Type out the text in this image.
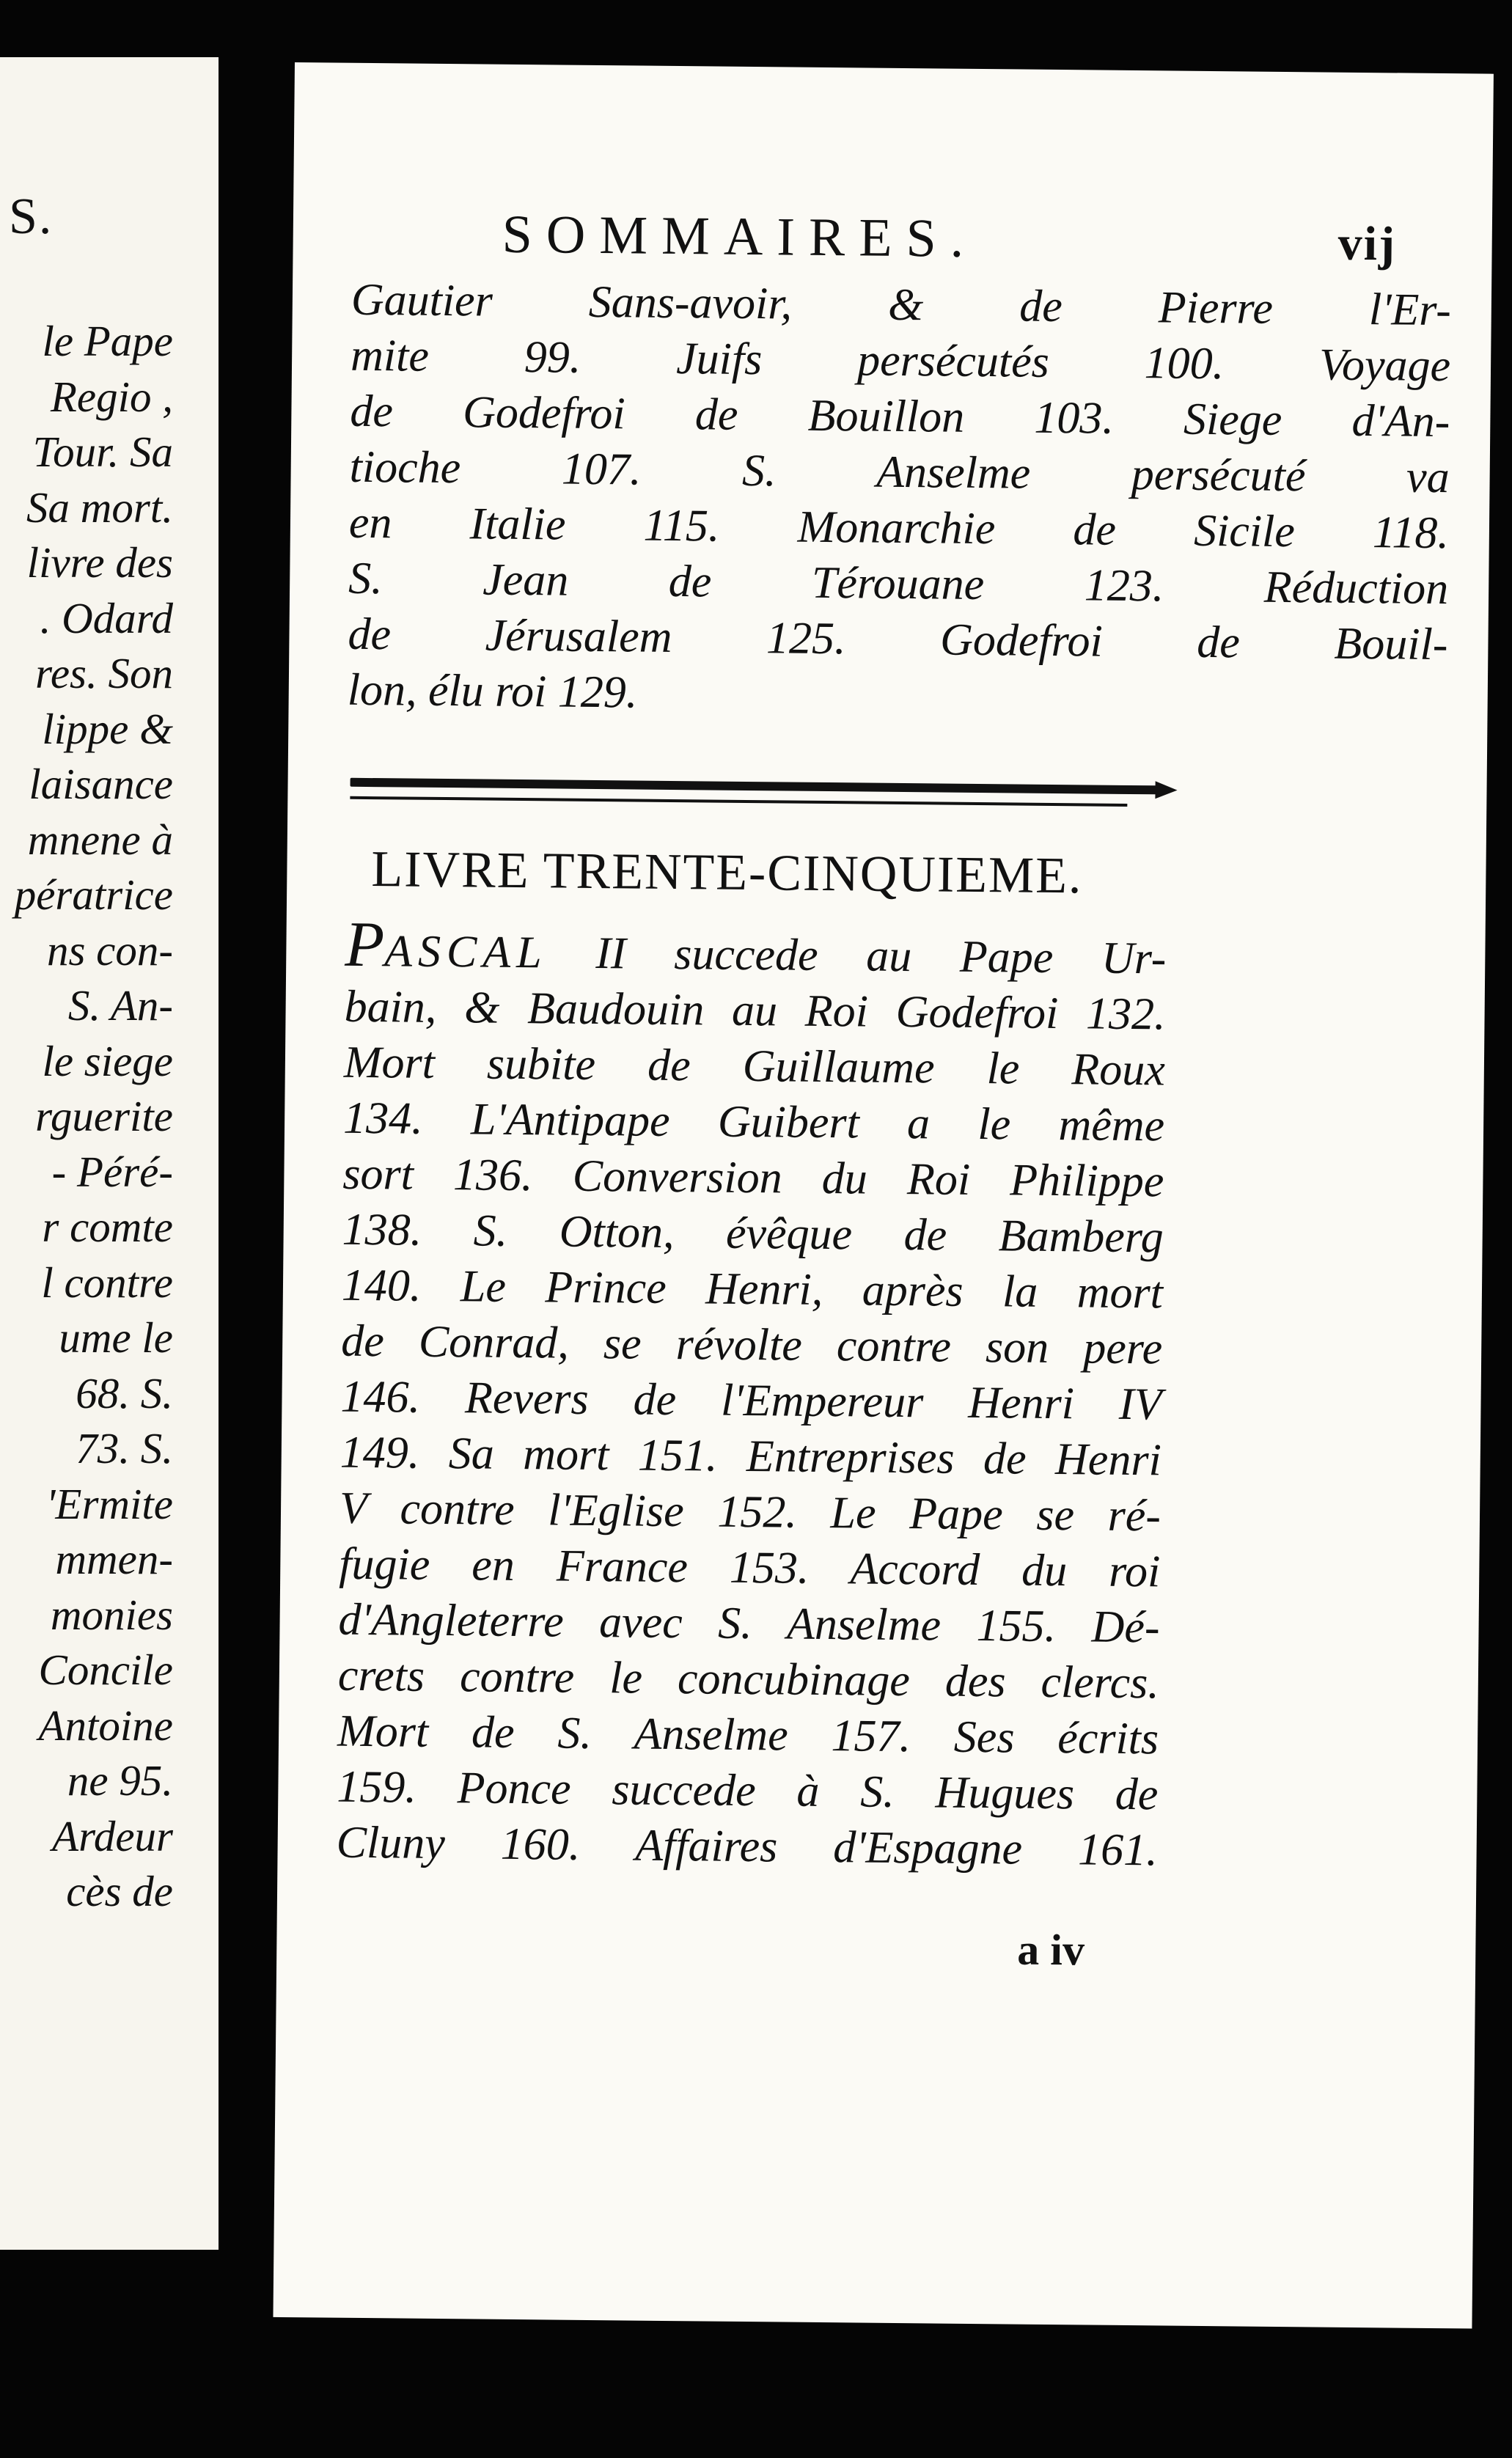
S.
le Pape
Regio ,
Tour. Sa
Sa mort.
livre des
. Odard
res. Son
lippe &
laisance
mnene à
pératrice
ns con-
S. An-
le siege
rguerite
- Péré-
r comte
l contre
ume le
68. S.
73. S.
'Ermite
mmen-
monies
Concile
Antoine
ne 95.
Ardeur
cès de
SOMMAIRES.	vij
Gautier Sans-avoir, & de Pierre l'Er-
mite 99. Juifs persécutés 100. Voyage
de Godefroi de Bouillon 103. Siege d'An-
tioche 107. S. Anselme persécuté va
en Italie 115. Monarchie de Sicile 118.
S. Jean de Térouane 123. Réduction
de Jérusalem 125. Godefroi de Bouil-
lon, élu roi 129.
LIVRE TRENTE-CINQUIEME.
PASCAL II succede au Pape Ur-
bain, & Baudouin au Roi Godefroi 132.
Mort subite de Guillaume le Roux
134. L'Antipape Guibert a le même
sort 136. Conversion du Roi Philippe
138. S. Otton, évêque de Bamberg
140. Le Prince Henri, après la mort
de Conrad, se révolte contre son pere
146. Revers de l'Empereur Henri IV
149. Sa mort 151. Entreprises de Henri
V contre l'Eglise 152. Le Pape se ré-
fugie en France 153. Accord du roi
d'Angleterre avec S. Anselme 155. Dé-
crets contre le concubinage des clercs.
Mort de S. Anselme 157. Ses écrits
159. Ponce succede à S. Hugues de
Cluny 160. Affaires d'Espagne 161.
a iv
